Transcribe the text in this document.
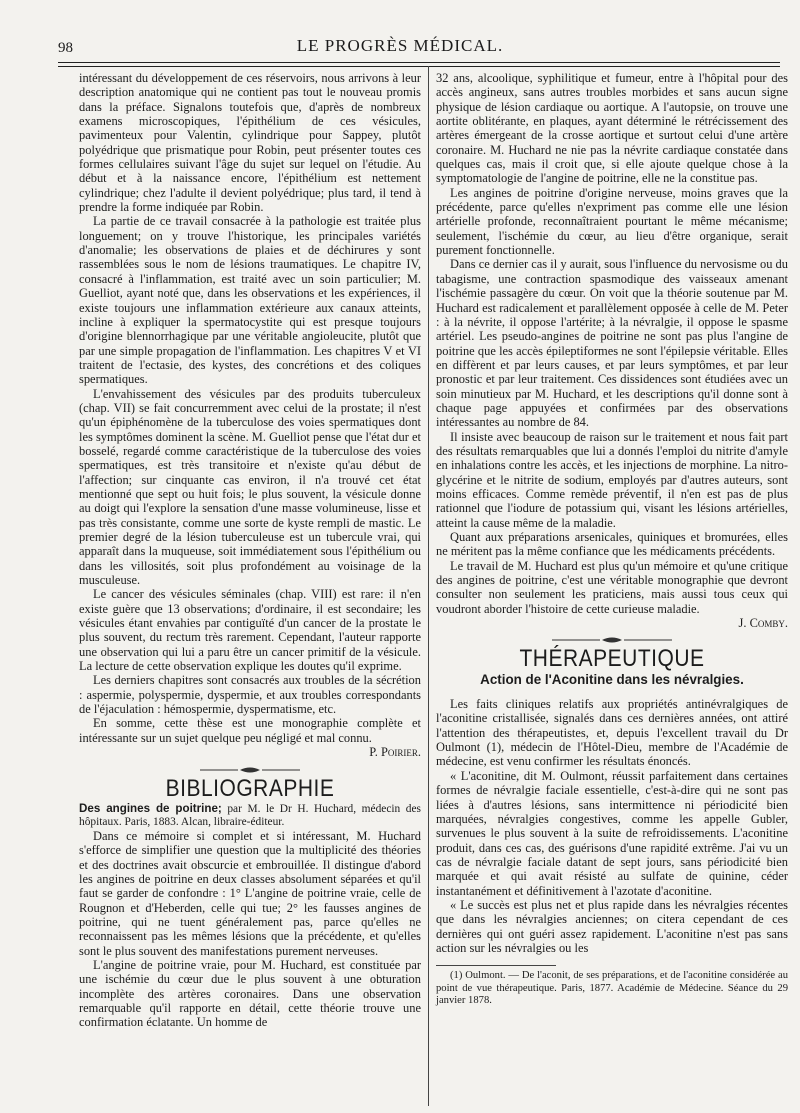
98	LE PROGRÈS MÉDICAL.

intéressant du développement de ces réservoirs, nous arrivons à leur description anatomique qui ne contient pas tout le nouveau promis dans la préface. Signalons toutefois que, d'après de nombreux examens microscopiques, l'épithélium de ces vésicules, pavimenteux pour Valentin, cylindrique pour Sappey, plutôt polyédrique que prismatique pour Robin, peut présenter toutes ces formes cellulaires suivant l'âge du sujet sur lequel on l'étudie. Au début et à la naissance encore, l'épithélium est nettement cylindrique; chez l'adulte il devient polyédrique; plus tard, il tend à prendre la forme indiquée par Robin.

La partie de ce travail consacrée à la pathologie est traitée plus longuement; on y trouve l'historique, les principales variétés d'anomalie; les observations de plaies et de déchirures y sont rassemblées sous le nom de lésions traumatiques. Le chapitre IV, consacré à l'inflammation, est traité avec un soin particulier; M. Guelliot, ayant noté que, dans les observations et les expériences, il existe toujours une inflammation extérieure aux canaux atteints, incline à expliquer la spermatocystite qui est presque toujours d'origine blennorrhagique par une véritable angioleucite, plutôt que par une simple propagation de l'inflammation. Les chapitres V et VI traitent de l'ectasie, des kystes, des concrétions et des coliques spermatiques.

L'envahissement des vésicules par des produits tuberculeux (chap. VII) se fait concurremment avec celui de la prostate; il n'est qu'un épiphénomène de la tuberculose des voies spermatiques dont les symptômes dominent la scène. M. Guelliot pense que l'état dur et bosselé, regardé comme caractéristique de la tuberculose des voies spermatiques, est très transitoire et n'existe qu'au début de l'affection; sur cinquante cas environ, il n'a trouvé cet état mentionné que sept ou huit fois; le plus souvent, la vésicule donne au doigt qui l'explore la sensation d'une masse volumineuse, lisse et pas très consistante, comme une sorte de kyste rempli de mastic. Le premier degré de la lésion tuberculeuse est un tubercule vrai, qui apparaît dans la muqueuse, soit immédiatement sous l'épithélium ou dans les villosités, soit plus profondément au voisinage de la musculeuse.

Le cancer des vésicules séminales (chap. VIII) est rare: il n'en existe guère que 13 observations; d'ordinaire, il est secondaire; les vésicules étant envahies par contiguïté d'un cancer de la prostate le plus souvent, du rectum très rarement. Cependant, l'auteur rapporte une observation qui lui a paru être un cancer primitif de la vésicule. La lecture de cette observation explique les doutes qu'il exprime.

Les derniers chapitres sont consacrés aux troubles de la sécrétion : aspermie, polyspermie, dyspermie, et aux troubles correspondants de l'éjaculation : hémospermie, dyspermatisme, etc.

En somme, cette thèse est une monographie complète et intéressante sur un sujet quelque peu négligé et mal connu.

P. Poirier.
BIBLIOGRAPHIE

Des angines de poitrine; par M. le Dr H. Huchard, médecin des hôpitaux. Paris, 1883. Alcan, libraire-éditeur.

Dans ce mémoire si complet et si intéressant, M. Huchard s'efforce de simplifier une question que la multiplicité des théories et des doctrines avait obscurcie et embrouillée. Il distingue d'abord les angines de poitrine en deux classes absolument séparées et qu'il faut se garder de confondre : 1° L'angine de poitrine vraie, celle de Rougnon et d'Heberden, celle qui tue; 2° les fausses angines de poitrine, qui ne tuent généralement pas, parce qu'elles ne reconnaissent pas les mêmes lésions que la précédente, et qu'elles sont le plus souvent des manifestations purement nerveuses.

L'angine de poitrine vraie, pour M. Huchard, est constituée par une ischémie du cœur due le plus souvent à une obturation incomplète des artères coronaires. Dans une observation remarquable qu'il rapporte en détail, cette théorie trouve une confirmation éclatante. Un homme de

32 ans, alcoolique, syphilitique et fumeur, entre à l'hôpital pour des accès angineux, sans autres troubles morbides et sans aucun signe physique de lésion cardiaque ou aortique. A l'autopsie, on trouve une aortite oblitérante, en plaques, ayant déterminé le rétrécissement des artères émergeant de la crosse aortique et surtout celui d'une artère coronaire. M. Huchard ne nie pas la névrite cardiaque constatée dans quelques cas, mais il croit que, si elle ajoute quelque chose à la symptomatologie de l'angine de poitrine, elle ne la constitue pas.

Les angines de poitrine d'origine nerveuse, moins graves que la précédente, parce qu'elles n'expriment pas comme elle une lésion artérielle profonde, reconnaîtraient pourtant le même mécanisme; seulement, l'ischémie du cœur, au lieu d'être organique, serait purement fonctionnelle.

Dans ce dernier cas il y aurait, sous l'influence du nervosisme ou du tabagisme, une contraction spasmodique des vaisseaux amenant l'ischémie passagère du cœur. On voit que la théorie soutenue par M. Huchard est radicalement et parallèlement opposée à celle de M. Peter : à la névrite, il oppose l'artérite; à la névralgie, il oppose le spasme artériel. Les pseudo-angines de poitrine ne sont pas plus l'angine de poitrine que les accès épileptiformes ne sont l'épilepsie véritable. Elles en diffèrent et par leurs causes, et par leurs symptômes, et par leur pronostic et par leur traitement. Ces dissidences sont étudiées avec un soin minutieux par M. Huchard, et les descriptions qu'il donne sont à chaque page appuyées et confirmées par des observations intéressantes au nombre de 84.

Il insiste avec beaucoup de raison sur le traitement et nous fait part des résultats remarquables que lui a donnés l'emploi du nitrite d'amyle en inhalations contre les accès, et les injections de morphine. La nitro-glycérine et le nitrite de sodium, employés par d'autres auteurs, sont moins efficaces. Comme remède préventif, il n'en est pas de plus rationnel que l'iodure de potassium qui, visant les lésions artérielles, atteint la cause même de la maladie.

Quant aux préparations arsenicales, quiniques et bromurées, elles ne méritent pas la même confiance que les médicaments précédents.

Le travail de M. Huchard est plus qu'un mémoire et qu'une critique des angines de poitrine, c'est une véritable monographie que devront consulter non seulement les praticiens, mais aussi tous ceux qui voudront aborder l'histoire de cette curieuse maladie.

J. Comby.
THÉRAPEUTIQUE
Action de l'Aconitine dans les névralgies.

Les faits cliniques relatifs aux propriétés antinévralgiques de l'aconitine cristallisée, signalés dans ces dernières années, ont attiré l'attention des thérapeutistes, et, depuis l'excellent travail du Dr Oulmont (1), médecin de l'Hôtel-Dieu, membre de l'Académie de médecine, est venu confirmer les résultats énoncés.

« L'aconitine, dit M. Oulmont, réussit parfaitement dans certaines formes de névralgie faciale essentielle, c'est-à-dire qui ne sont pas liées à d'autres lésions, sans intermittence ni périodicité bien marquées, névralgies congestives, comme les appelle Gubler, survenues le plus souvent à la suite de refroidissements. L'aconitine produit, dans ces cas, des guérisons d'une rapidité extrême. J'ai vu un cas de névralgie faciale datant de sept jours, sans périodicité bien marquée et qui avait résisté au sulfate de quinine, céder instantanément et définitivement à l'azotate d'aconitine.

« Le succès est plus net et plus rapide dans les névralgies récentes que dans les névralgies anciennes; on citera cependant de ces dernières qui ont guéri assez rapidement. L'aconitine n'est pas sans action sur les névralgies ou les

(1) Oulmont. — De l'aconit, de ses préparations, et de l'aconitine considérée au point de vue thérapeutique. Paris, 1877. Académie de Médecine. Séance du 29 janvier 1878.
